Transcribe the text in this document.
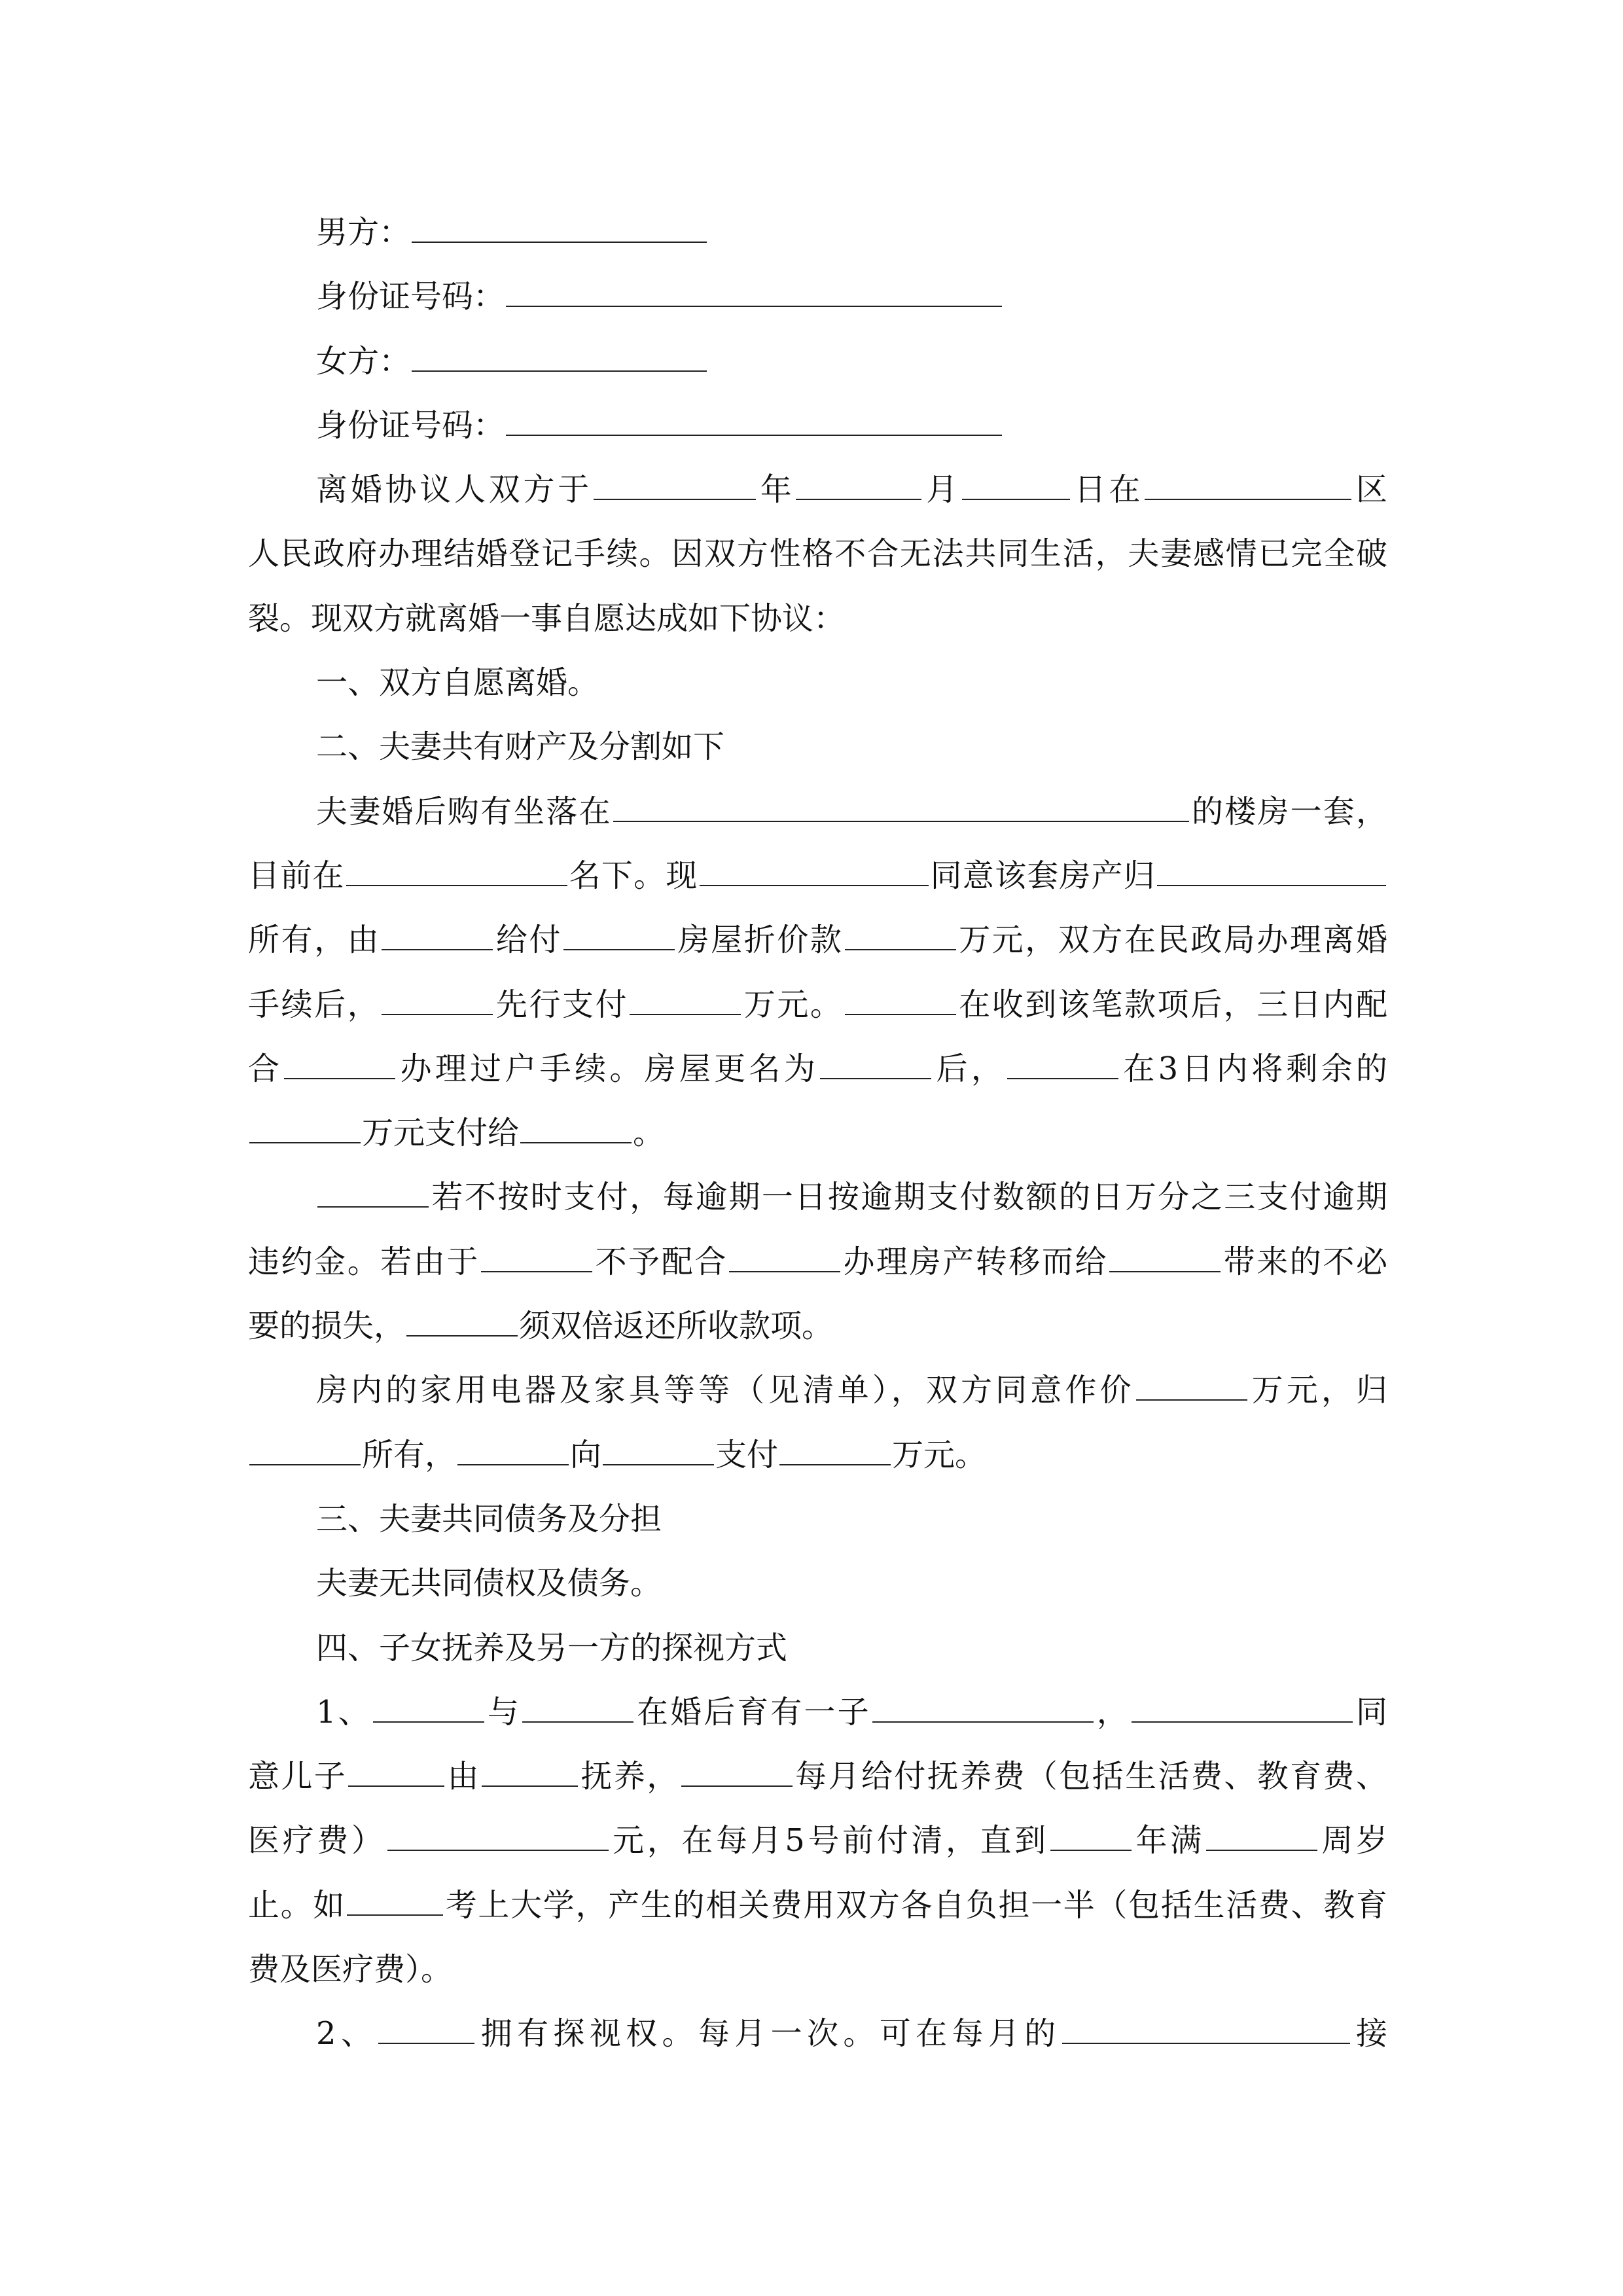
男方：
身份证号码：
女方：
身份证号码：
离婚协议人双方于	年	月	日在	区
人民政府办理结婚登记手续。因双方性格不合无法共同生活，夫妻感情已完全破
裂。现双方就离婚一事自愿达成如下协议：
一、双方自愿离婚。
二、夫妻共有财产及分割如下
夫妻婚后购有坐落在	的楼房一套，
目前在	名下。现	同意该套房产归
所有，由	给付	房屋折价款	万元，双方在民政局办理离婚
手续后，	先行支付	万元。	在收到该笔款项后，三日内配
合	办理过户手续。房屋更名为	后，	在3日内将剩余的
万元支付给	。
若不按时支付，每逾期一日按逾期支付数额的日万分之三支付逾期
违约金。若由于	不予配合	办理房产转移而给	带来的不必
要的损失，	须双倍返还所收款项。
房内的家用电器及家具等等（见清单），双方同意作价	万元，归
所有，	向	支付	万元。
三、夫妻共同债务及分担
夫妻无共同债权及债务。
四、子女抚养及另一方的探视方式
1、	与	在婚后育有一子	，	同
意儿子	由	抚养，	每月给付抚养费（包括生活费、教育费、
医疗费）	元，在每月5号前付清，直到	年满	周岁
止。如	考上大学，产生的相关费用双方各自负担一半（包括生活费、教育
费及医疗费）。
2、	拥有探视权。每月一次。可在每月的	接
